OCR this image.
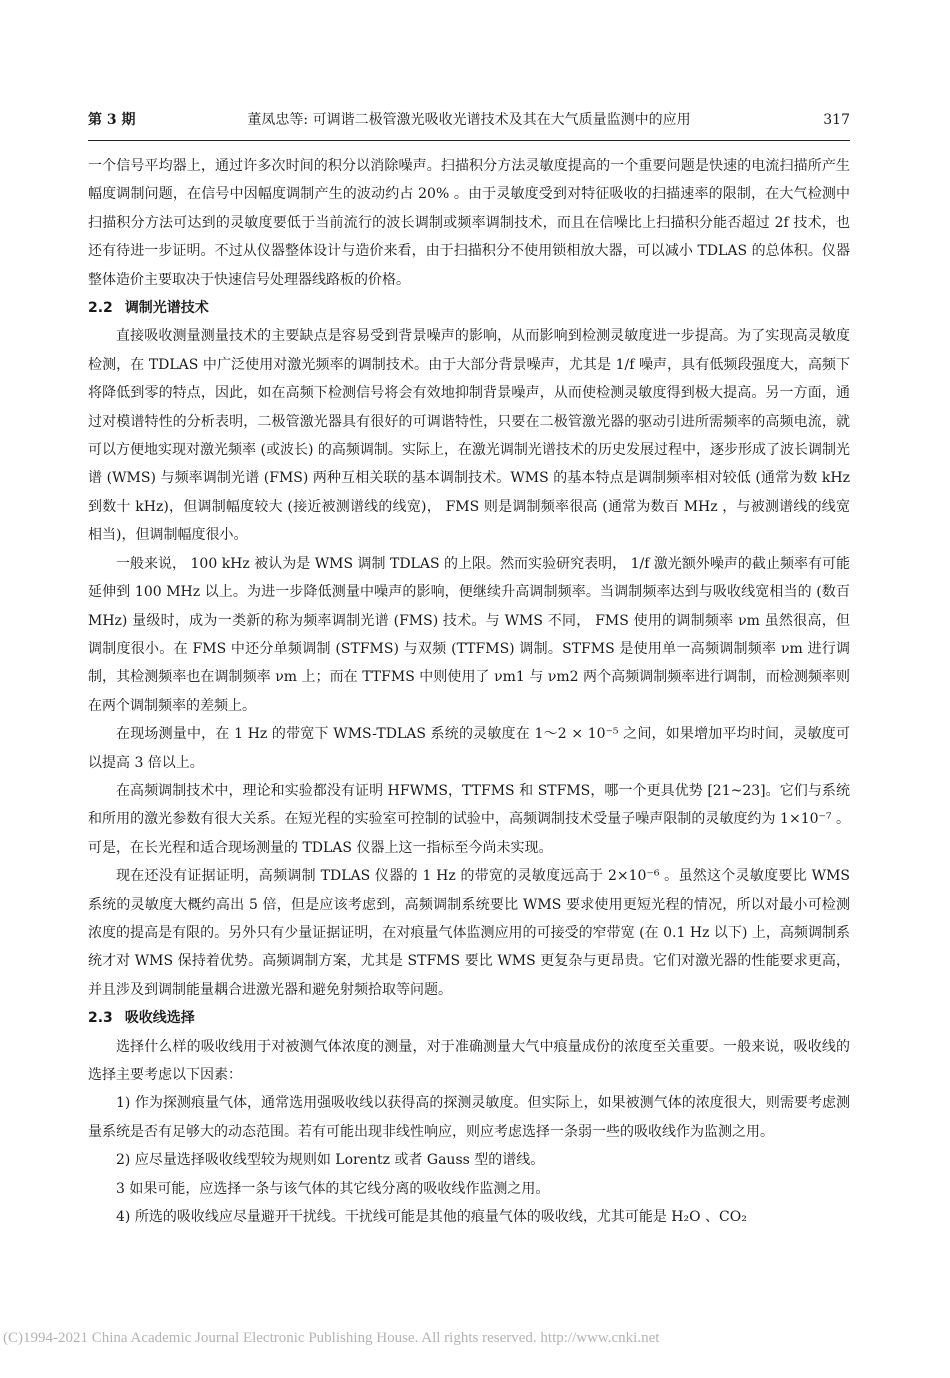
第 3 期	董凤忠等: 可调谐二极管激光吸收光谱技术及其在大气质量监测中的应用	317

一个信号平均器上，通过许多次时间的积分以消除噪声。扫描积分方法灵敏度提高的一个重要问题是快速的电流扫描所产生幅度调制问题，在信号中因幅度调制产生的波动约占 20% 。由于灵敏度受到对特征吸收的扫描速率的限制，在大气检测中扫描积分方法可达到的灵敏度要低于当前流行的波长调制或频率调制技术，而且在信噪比上扫描积分能否超过 2f 技术，也还有待进一步证明。不过从仪器整体设计与造价来看，由于扫描积分不使用锁相放大器，可以减小 TDLAS 的总体积。仪器整体造价主要取决于快速信号处理器线路板的价格。

2.2 调制光谱技术

直接吸收测量测量技术的主要缺点是容易受到背景噪声的影响，从而影响到检测灵敏度进一步提高。为了实现高灵敏度检测，在 TDLAS 中广泛使用对激光频率的调制技术。由于大部分背景噪声，尤其是 1/f 噪声，具有低频段强度大，高频下将降低到零的特点，因此，如在高频下检测信号将会有效地抑制背景噪声，从而使检测灵敏度得到极大提高。另一方面，通过对模谱特性的分析表明，二极管激光器具有很好的可调谐特性，只要在二极管激光器的驱动引进所需频率的高频电流，就可以方便地实现对激光频率 (或波长) 的高频调制。实际上，在激光调制光谱技术的历史发展过程中，逐步形成了波长调制光谱 (WMS) 与频率调制光谱 (FMS) 两种互相关联的基本调制技术。WMS 的基本特点是调制频率相对较低 (通常为数 kHz 到数十 kHz)，但调制幅度较大 (接近被测谱线的线宽)， FMS 则是调制频率很高 (通常为数百 MHz ，与被测谱线的线宽相当)，但调制幅度很小。

一般来说， 100 kHz 被认为是 WMS 调制 TDLAS 的上限。然而实验研究表明， 1/f 激光额外噪声的截止频率有可能延伸到 100 MHz 以上。为进一步降低测量中噪声的影响，便继续升高调制频率。当调制频率达到与吸收线宽相当的 (数百 MHz) 量级时，成为一类新的称为频率调制光谱 (FMS) 技术。与 WMS 不同， FMS 使用的调制频率 νm 虽然很高，但调制度很小。在 FMS 中还分单频调制 (STFMS) 与双频 (TTFMS) 调制。STFMS 是使用单一高频调制频率 νm 进行调制，其检测频率也在调制频率 νm 上；而在 TTFMS 中则使用了 νm1 与 νm2 两个高频调制频率进行调制，而检测频率则在两个调制频率的差频上。

在现场测量中，在 1 Hz 的带宽下 WMS-TDLAS 系统的灵敏度在 1～2 × 10⁻⁵ 之间，如果增加平均时间，灵敏度可以提高 3 倍以上。

在高频调制技术中，理论和实验都没有证明 HFWMS，TTFMS 和 STFMS，哪一个更具优势 [21~23]。它们与系统和所用的激光参数有很大关系。在短光程的实验室可控制的试验中，高频调制技术受量子噪声限制的灵敏度约为 1×10⁻⁷ 。可是，在长光程和适合现场测量的 TDLAS 仪器上这一指标至今尚未实现。

现在还没有证据证明，高频调制 TDLAS 仪器的 1 Hz 的带宽的灵敏度远高于 2×10⁻⁶ 。虽然这个灵敏度要比 WMS 系统的灵敏度大概约高出 5 倍，但是应该考虑到，高频调制系统要比 WMS 要求使用更短光程的情况，所以对最小可检测浓度的提高是有限的。另外只有少量证据证明，在对痕量气体监测应用的可接受的窄带宽 (在 0.1 Hz 以下) 上，高频调制系统才对 WMS 保持着优势。高频调制方案，尤其是 STFMS 要比 WMS 更复杂与更昂贵。它们对激光器的性能要求更高，并且涉及到调制能量耦合进激光器和避免射频拾取等问题。

2.3 吸收线选择

选择什么样的吸收线用于对被测气体浓度的测量，对于准确测量大气中痕量成份的浓度至关重要。一般来说，吸收线的选择主要考虑以下因素：

1) 作为探测痕量气体，通常选用强吸收线以获得高的探测灵敏度。但实际上，如果被测气体的浓度很大，则需要考虑测量系统是否有足够大的动态范围。若有可能出现非线性响应，则应考虑选择一条弱一些的吸收线作为监测之用。

2) 应尽量选择吸收线型较为规则如 Lorentz 或者 Gauss 型的谱线。

3 如果可能，应选择一条与该气体的其它线分离的吸收线作监测之用。

4) 所选的吸收线应尽量避开干扰线。干扰线可能是其他的痕量气体的吸收线，尤其可能是 H₂O 、CO₂

(C)1994-2021 China Academic Journal Electronic Publishing House. All rights reserved. http://www.cnki.net
